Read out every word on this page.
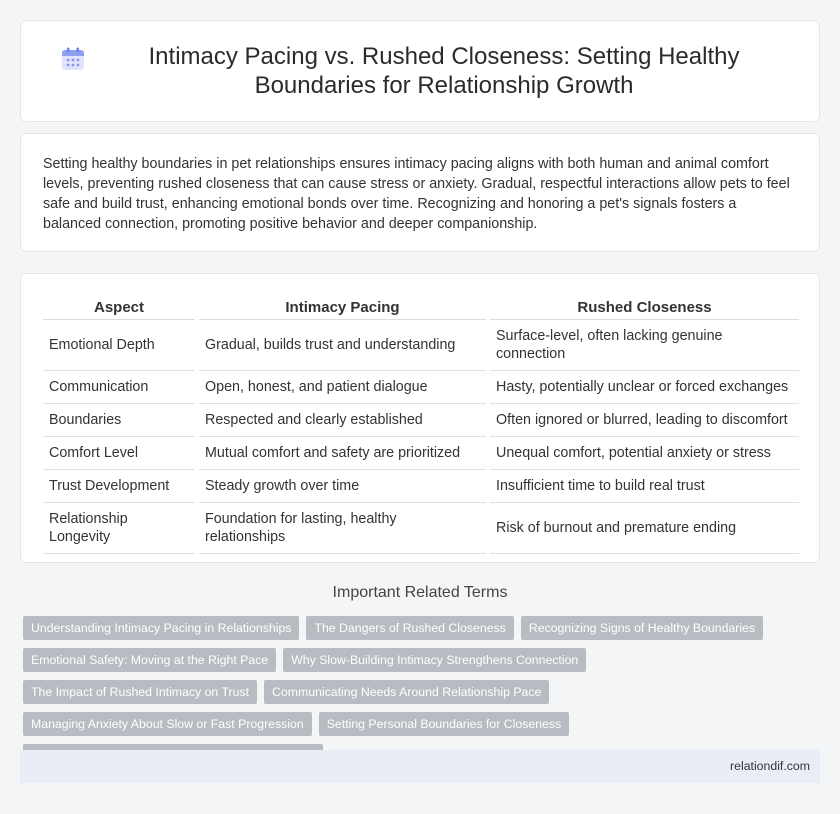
Intimacy Pacing vs. Rushed Closeness: Setting Healthy Boundaries for Relationship Growth

Setting healthy boundaries in pet relationships ensures intimacy pacing aligns with both human and animal comfort levels, preventing rushed closeness that can cause stress or anxiety. Gradual, respectful interactions allow pets to feel safe and build trust, enhancing emotional bonds over time. Recognizing and honoring a pet's signals fosters a balanced connection, promoting positive behavior and deeper companionship.

Aspect		Intimacy Pacing		Rushed Closeness
Emotional Depth		Gradual, builds trust and understanding		Surface-level, often lacking genuine connection
Communication		Open, honest, and patient dialogue		Hasty, potentially unclear or forced exchanges
Boundaries		Respected and clearly established		Often ignored or blurred, leading to discomfort
Comfort Level		Mutual comfort and safety are prioritized		Unequal comfort, potential anxiety or stress
Trust Development		Steady growth over time		Insufficient time to build real trust
Relationship Longevity		Foundation for lasting, healthy relationships		Risk of burnout and premature ending
Important Related Terms
Understanding Intimacy Pacing in Relationships	The Dangers of Rushed Closeness	Recognizing Signs of Healthy Boundaries
Emotional Safety: Moving at the Right Pace	Why Slow-Building Intimacy Strengthens Connection
The Impact of Rushed Intimacy on Trust	Communicating Needs Around Relationship Pace
Managing Anxiety About Slow or Fast Progression	Setting Personal Boundaries for Closeness
relationdif.com
